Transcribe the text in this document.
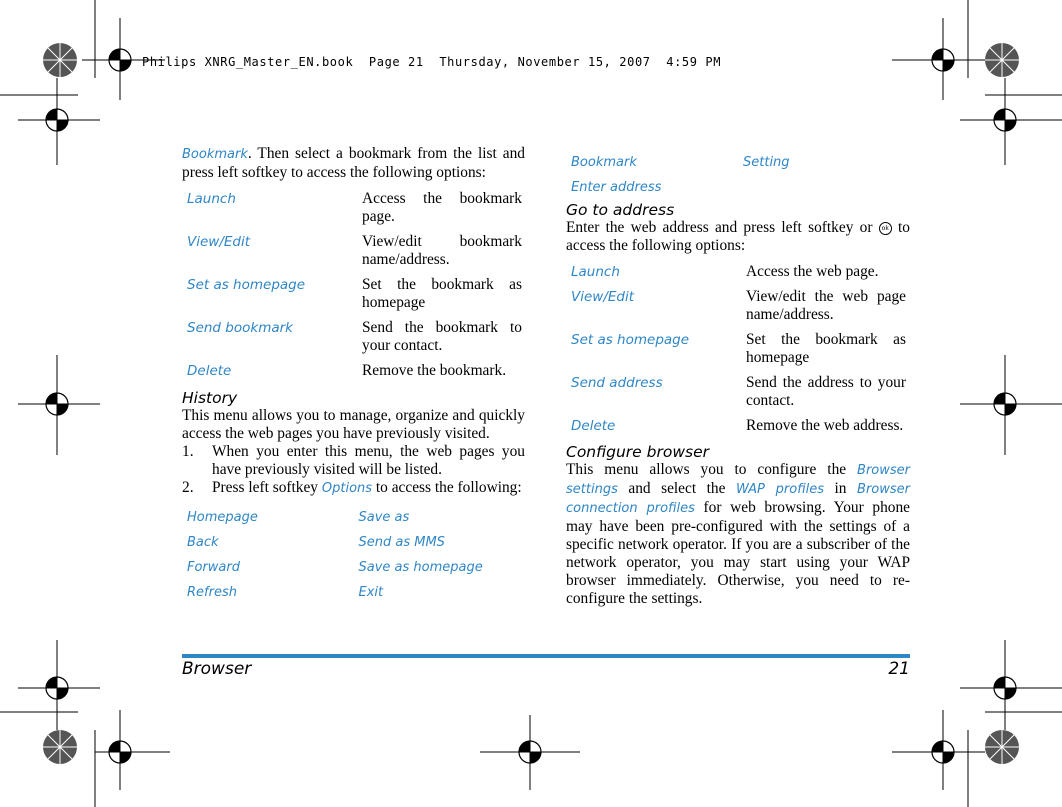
Philips XNRG_Master_EN.book  Page 21  Thursday, November 15, 2007  4:59 PM

Bookmark. Then select a bookmark from the list and press left softkey to access the following options:

Launch	Access the bookmark page.
View/Edit	View/edit bookmark name/address.
Set as homepage	Set the bookmark as homepage
Send bookmark	Send the bookmark to your contact.
Delete	Remove the bookmark.

History

This menu allows you to manage, organize and quickly access the web pages you have previously visited.

1.	When you enter this menu, the web pages you have previously visited will be listed.
2.	Press left softkey Options to access the following:
Homepage	Save as
Back	Send as MMS
Forward	Save as homepage
Refresh	Exit
Bookmark	Setting
Enter address

Go to address

Enter the web address and press left softkey or ok to access the following options:

Launch	Access the web page.
View/Edit	View/edit the web page name/address.
Set as homepage	Set the bookmark as homepage
Send address	Send the address to your contact.
Delete	Remove the web address.

Configure browser

This menu allows you to configure the Browser settings and select the WAP profiles in Browser connection profiles for web browsing. Your phone may have been pre-configured with the settings of a specific network operator. If you are a subscriber of the network operator, you may start using your WAP browser immediately. Otherwise, you need to re-configure the settings.

Browser	21
